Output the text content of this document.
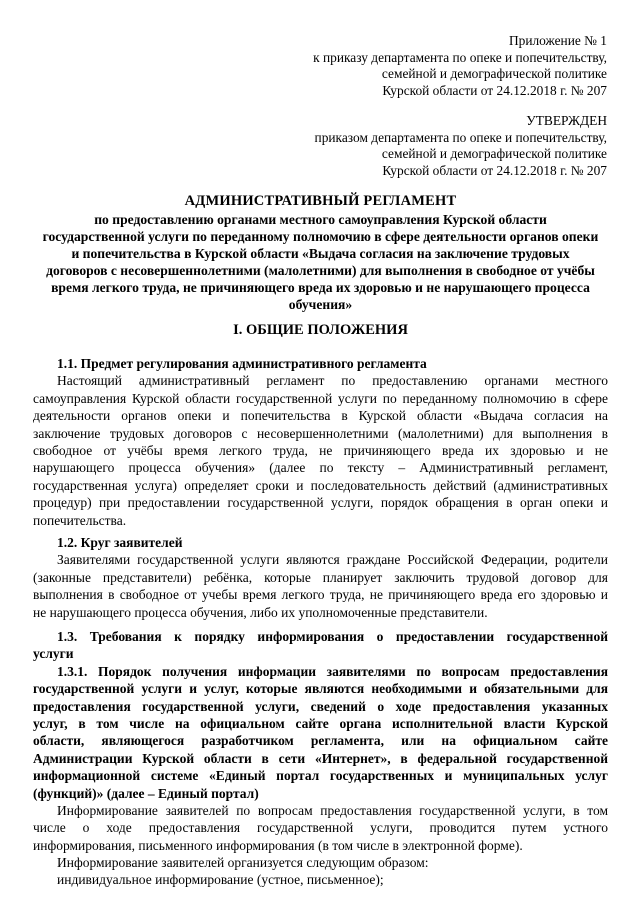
Приложение № 1
к приказу департамента по опеке и попечительству,
семейной и демографической политике
Курской области от 24.12.2018 г. № 207
УТВЕРЖДЕН
приказом департамента по опеке и попечительству,
семейной и демографической политике
Курской области от 24.12.2018 г. № 207
АДМИНИСТРАТИВНЫЙ РЕГЛАМЕНТ
по предоставлению органами местного самоуправления Курской области
государственной услуги по переданному полномочию в сфере деятельности органов опеки
и попечительства в Курской области «Выдача согласия на заключение трудовых
договоров с несовершеннолетними (малолетними) для выполнения в свободное от учёбы
время легкого труда, не причиняющего вреда их здоровью и не нарушающего процесса
обучения»
I. ОБЩИЕ ПОЛОЖЕНИЯ
1.1. Предмет регулирования административного регламента
Настоящий административный регламент по предоставлению органами местного
самоуправления Курской области государственной услуги по переданному полномочию в сфере
деятельности органов опеки и попечительства в Курской области «Выдача согласия на
заключение трудовых договоров с несовершеннолетними (малолетними) для выполнения в
свободное от учёбы время легкого труда, не причиняющего вреда их здоровью и не
нарушающего процесса обучения» (далее по тексту – Административный регламент,
государственная услуга) определяет сроки и последовательность действий (административных
процедур) при предоставлении государственной услуги, порядок обращения в орган опеки и
попечительства.
1.2. Круг заявителей
Заявителями государственной услуги являются граждане Российской Федерации, родители
(законные представители) ребёнка, которые планирует заключить трудовой договор для
выполнения в свободное от учебы время легкого труда, не причиняющего вреда его здоровью и
не нарушающего процесса обучения, либо их уполномоченные представители.
1.3. Требования к порядку информирования о предоставлении государственной
услуги
1.3.1. Порядок получения информации заявителями по вопросам предоставления
государственной услуги и услуг, которые являются необходимыми и обязательными для
предоставления государственной услуги, сведений о ходе предоставления указанных
услуг, в том числе на официальном сайте органа исполнительной власти Курской
области, являющегося разработчиком регламента, или на официальном сайте
Администрации Курской области в сети «Интернет», в федеральной государственной
информационной системе «Единый портал государственных и муниципальных услуг
(функций)» (далее – Единый портал)
Информирование заявителей по вопросам предоставления государственной услуги, в том
числе о ходе предоставления государственной услуги, проводится путем устного
информирования, письменного информирования (в том числе в электронной форме).
Информирование заявителей организуется следующим образом:
индивидуальное информирование (устное, письменное);
